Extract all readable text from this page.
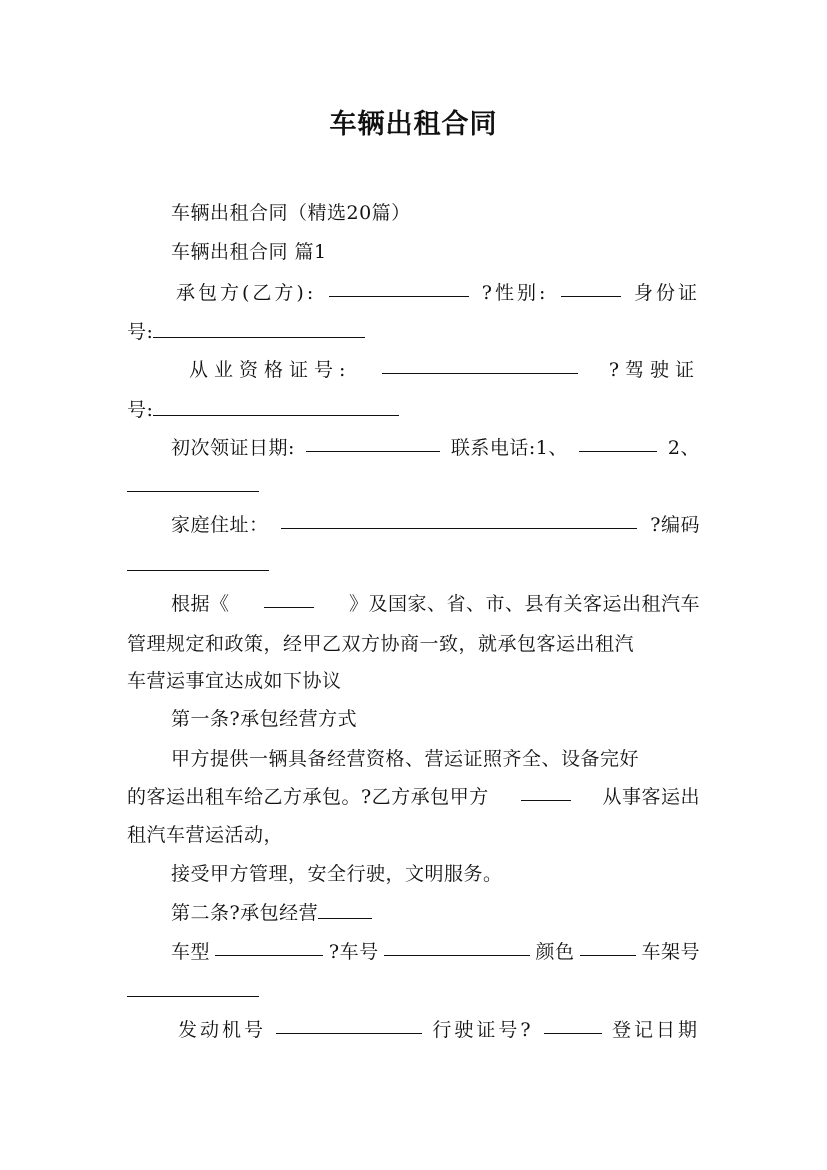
车辆出租合同
车辆出租合同（精选20篇）
车辆出租合同 篇1
承包方(乙方):	?性别:	身份证
号:
从业资格证号:	?驾驶证
号:
初次领证日期:	联系电话:1、	2、
家庭住址：	?编码
根据《	》及国家、省、市、县有关客运出租汽车
管理规定和政策，经甲乙双方协商一致，就承包客运出租汽
车营运事宜达成如下协议
第一条?承包经营方式
甲方提供一辆具备经营资格、营运证照齐全、设备完好
的客运出租车给乙方承包。?乙方承包甲方	从事客运出
租汽车营运活动，
接受甲方管理，安全行驶，文明服务。
第二条?承包经营
车型	?车号	颜色	车架号
发动机号	行驶证号?	登记日期
